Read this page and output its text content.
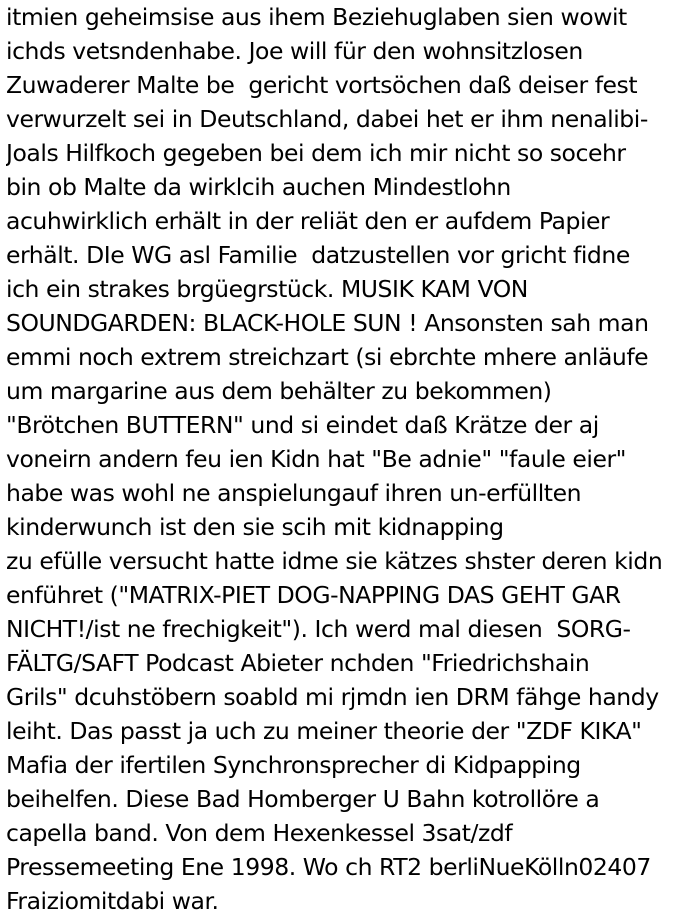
itmien geheimsise aus ihem Beziehuglaben sien wowit

ichds vetsndenhabe. Joe will für den wohnsitzlosen

Zuwaderer Malte be  gericht vortsöchen daß deiser fest

verwurzelt sei in Deutschland, dabei het er ihm nenalibi-

Joals Hilfkoch gegeben bei dem ich mir nicht so socehr

bin ob Malte da wirklcih auchen Mindestlohn

acuhwirklich erhält in der reliät den er aufdem Papier

erhält. DIe WG asl Familie  datzustellen vor gricht fidne

ich ein strakes brgüegrstück. MUSIK KAM VON

SOUNDGARDEN: BLACK-HOLE SUN ! Ansonsten sah man

emmi noch extrem streichzart (si ebrchte mhere anläufe

um margarine aus dem behälter zu bekommen)

"Brötchen BUTTERN" und si eindet daß Krätze der aj

voneirn andern feu ien Kidn hat "Be adnie" "faule eier"

habe was wohl ne anspielungauf ihren un-erfüllten

kinderwunch ist den sie scih mit kidnapping

zu efülle versucht hatte idme sie kätzes shster deren kidn

enführet ("MATRIX-PIET DOG-NAPPING DAS GEHT GAR

NICHT!/ist ne frechigkeit"). Ich werd mal diesen  SORG-

FÄLTG/SAFT Podcast Abieter nchden "Friedrichshain

Grils" dcuhstöbern soabld mi rjmdn ien DRM fähge handy

leiht. Das passt ja uch zu meiner theorie der "ZDF KIKA"

Mafia der ifertilen Synchronsprecher di Kidpapping

beihelfen. Diese Bad Homberger U Bahn kotrollöre a

capella band. Von dem Hexenkessel 3sat/zdf

Pressemeeting Ene 1998. Wo ch RT2 berliNueKölln02407

Fraiziomitdabi war.
